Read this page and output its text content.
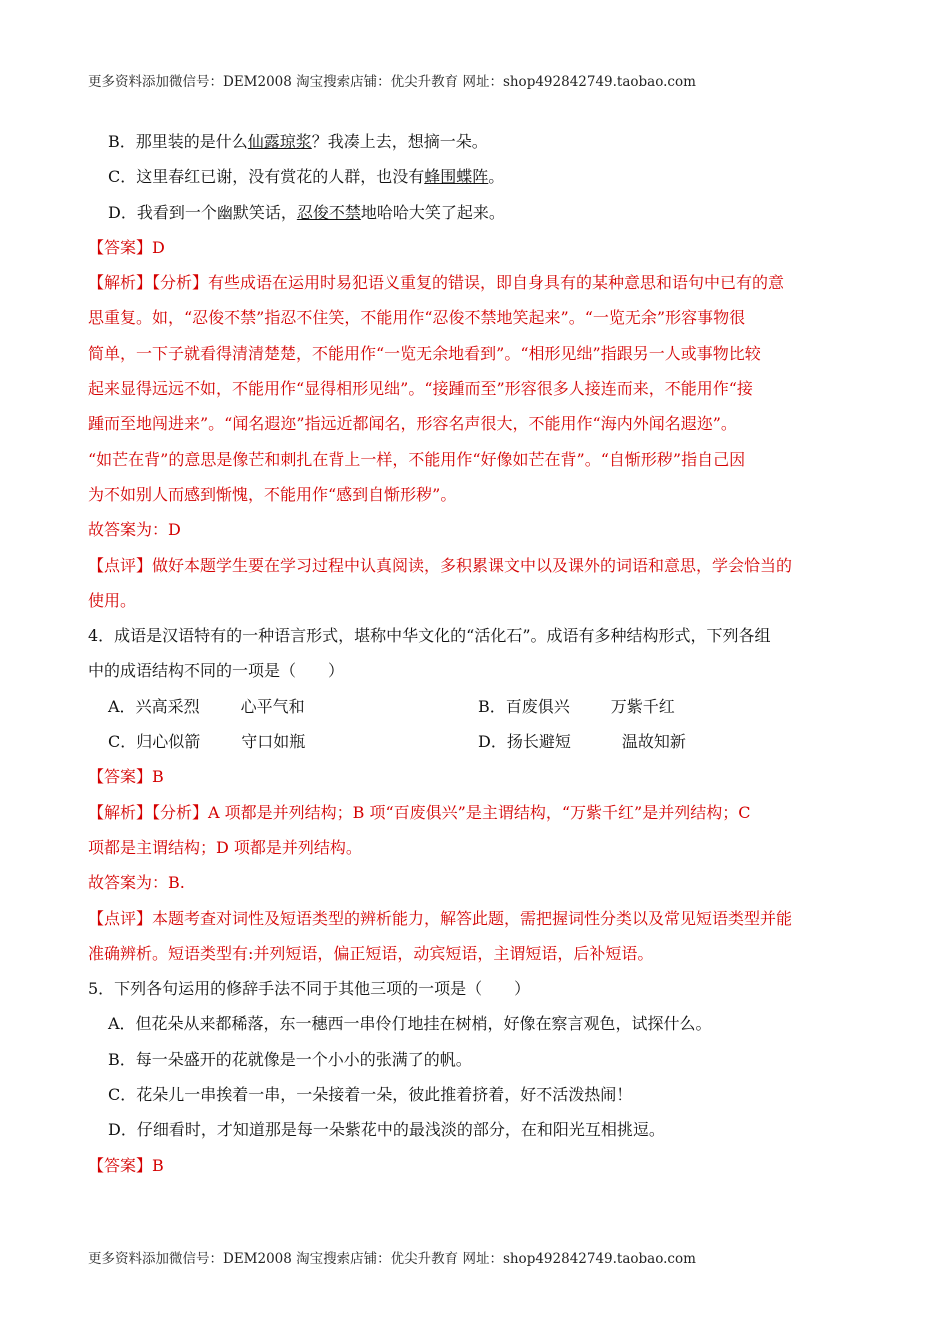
更多资料添加微信号：DEM2008 淘宝搜索店铺：优尖升教育 网址：shop492842749.taobao.com
B．那里装的是什么仙露琼浆？我凑上去，想摘一朵。
C．这里春红已谢，没有赏花的人群，也没有蜂围蝶阵。
D．我看到一个幽默笑话，忍俊不禁地哈哈大笑了起来。
【答案】D
【解析】【分析】有些成语在运用时易犯语义重复的错误，即自身具有的某种意思和语句中已有的意
思重复。如，“忍俊不禁”指忍不住笑，不能用作“忍俊不禁地笑起来”。“一览无余”形容事物很
简单，一下子就看得清清楚楚，不能用作“一览无余地看到”。“相形见绌”指跟另一人或事物比较
起来显得远远不如，不能用作“显得相形见绌”。“接踵而至”形容很多人接连而来，不能用作“接
踵而至地闯进来”。“闻名遐迩”指远近都闻名，形容名声很大，不能用作“海内外闻名遐迩”。
“如芒在背”的意思是像芒和刺扎在背上一样，不能用作“好像如芒在背”。“自惭形秽”指自己因
为不如别人而感到惭愧，不能用作“感到自惭形秽”。
故答案为：D
【点评】做好本题学生要在学习过程中认真阅读，多积累课文中以及课外的词语和意思，学会恰当的
使用。
4．成语是汉语特有的一种语言形式，堪称中华文化的“活化石”。成语有多种结构形式，下列各组
中的成语结构不同的一项是（　　）
A．兴高采烈	心平气和	B．百废俱兴	万紫千红
C．归心似箭	守口如瓶	D．扬长避短	温故知新
【答案】B
【解析】【分析】A 项都是并列结构；B 项“百废俱兴”是主谓结构，“万紫千红”是并列结构；C
项都是主谓结构；D 项都是并列结构。
故答案为：B.
【点评】本题考查对词性及短语类型的辨析能力，解答此题，需把握词性分类以及常见短语类型并能
准确辨析。短语类型有:并列短语，偏正短语，动宾短语，主谓短语，后补短语。
5．下列各句运用的修辞手法不同于其他三项的一项是（　　）
A．但花朵从来都稀落，东一穗西一串伶仃地挂在树梢，好像在察言观色，试探什么。
B．每一朵盛开的花就像是一个小小的张满了的帆。
C．花朵儿一串挨着一串，一朵接着一朵，彼此推着挤着，好不活泼热闹！
D．仔细看时，才知道那是每一朵紫花中的最浅淡的部分，在和阳光互相挑逗。
【答案】B
更多资料添加微信号：DEM2008 淘宝搜索店铺：优尖升教育 网址：shop492842749.taobao.com
